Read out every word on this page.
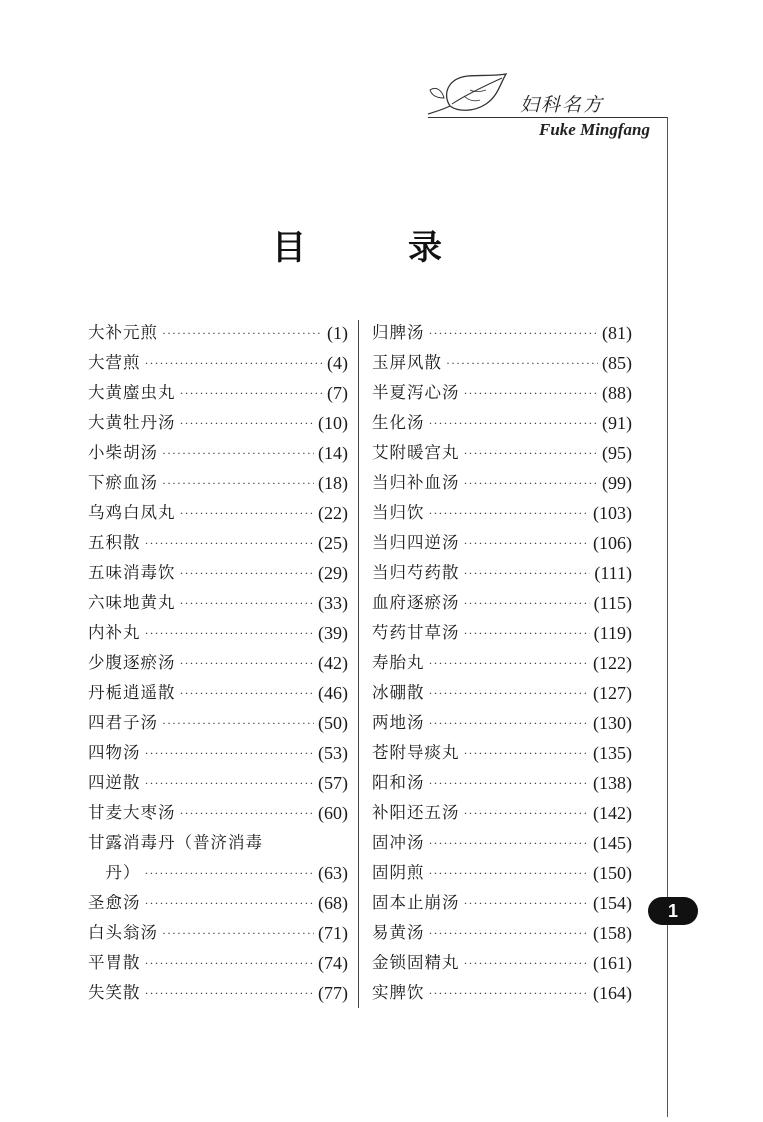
妇科名方
Fuke Mingfang
目	录
大补元煎 ·····	(1)
大营煎 ·····	(4)
大黄䗪虫丸 ·····	(7)
大黄牡丹汤 ·····	(10)
小柴胡汤 ·····	(14)
下瘀血汤 ·····	(18)
乌鸡白凤丸 ·····	(22)
五积散 ·····	(25)
五味消毒饮 ·····	(29)
六味地黄丸 ·····	(33)
内补丸 ·····	(39)
少腹逐瘀汤 ·····	(42)
丹栀逍遥散 ·····	(46)
四君子汤 ·····	(50)
四物汤 ·····	(53)
四逆散 ·····	(57)
甘麦大枣汤 ·····	(60)
甘露消毒丹（普济消毒
丹） ·····	(63)
圣愈汤 ·····	(68)
白头翁汤 ·····	(71)
平胃散 ·····	(74)
失笑散 ·····	(77)
归脾汤 ·····	(81)
玉屏风散 ·····	(85)
半夏泻心汤 ·····	(88)
生化汤 ·····	(91)
艾附暖宫丸 ·····	(95)
当归补血汤 ·····	(99)
当归饮 ·····	(103)
当归四逆汤 ·····	(106)
当归芍药散 ·····	(111)
血府逐瘀汤 ·····	(115)
芍药甘草汤 ·····	(119)
寿胎丸 ·····	(122)
冰硼散 ·····	(127)
两地汤 ·····	(130)
苍附导痰丸 ·····	(135)
阳和汤 ·····	(138)
补阳还五汤 ·····	(142)
固冲汤 ·····	(145)
固阴煎 ·····	(150)
固本止崩汤 ·····	(154)
易黄汤 ·····	(158)
金锁固精丸 ·····	(161)
实脾饮 ·····	(164)
1
